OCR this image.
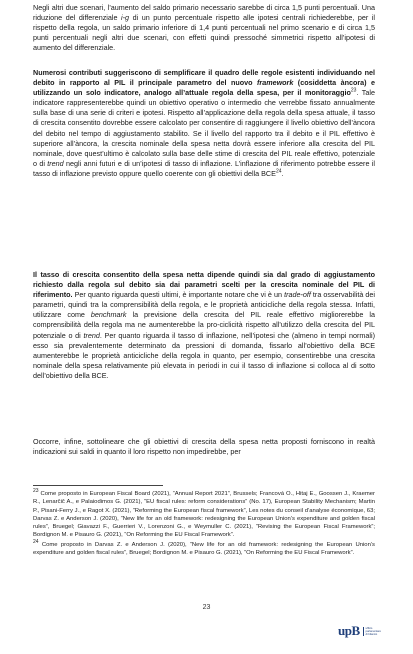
Negli altri due scenari, l’aumento del saldo primario necessario sarebbe di circa 1,5 punti percentuali. Una riduzione del differenziale i-g di un punto percentuale rispetto alle ipotesi centrali richiederebbe, per il rispetto della regola, un saldo primario inferiore di 1,4 punti percentuali nel primo scenario e di circa 1,5 punti percentuali negli altri due scenari, con effetti quindi pressoché simmetrici rispetto all’ipotesi di aumento del differenziale.

Numerosi contributi suggeriscono di semplificare il quadro delle regole esistenti individuando nel debito in rapporto al PIL il principale parametro del nuovo framework (cosiddetta àncora) e utilizzando un solo indicatore, analogo all’attuale regola della spesa, per il monitoraggio$^{23}$. Tale indicatore rappresenterebbe quindi un obiettivo operativo o intermedio che verrebbe fissato annualmente sulla base di una serie di criteri e ipotesi. Rispetto all’applicazione della regola della spesa attuale, il tasso di crescita consentito dovrebbe essere calcolato per consentire di raggiungere il livello obiettivo dell’àncora del debito nel tempo di aggiustamento stabilito. Se il livello del rapporto tra il debito e il PIL effettivo è superiore all’àncora, la crescita nominale della spesa netta dovrà essere inferiore alla crescita del PIL nominale, dove quest’ultimo è calcolato sulla base delle stime di crescita del PIL reale effettivo, potenziale o di trend negli anni futuri e di un’ipotesi di tasso di inflazione. L’inflazione di riferimento potrebbe essere il tasso di inflazione previsto oppure quello coerente con gli obiettivi della BCE$^{24}$.

Il tasso di crescita consentito della spesa netta dipende quindi sia dal grado di aggiustamento richiesto dalla regola sul debito sia dai parametri scelti per la crescita nominale del PIL di riferimento. Per quanto riguarda questi ultimi, è importante notare che vi è un trade-off tra osservabilità dei parametri, quindi tra la comprensibilità della regola, e le proprietà anticicliche della regola stessa. Infatti, utilizzare come benchmark la previsione della crescita del PIL reale effettivo migliorerebbe la comprensibilità della regola ma ne aumenterebbe la pro-ciclicità rispetto all’utilizzo della crescita del PIL potenziale o di trend. Per quanto riguarda il tasso di inflazione, nell’ipotesi che (almeno in tempi normali) esso sia prevalentemente determinato da pressioni di domanda, fissarlo all’obiettivo della BCE aumenterebbe le proprietà anticicliche della regola in quanto, per esempio, consentirebbe una crescita nominale della spesa relativamente più elevata in periodi in cui il tasso di inflazione si colloca al di sotto dell’obiettivo della BCE.

Occorre, infine, sottolineare che gli obiettivi di crescita della spesa netta proposti forniscono in realtà indicazioni sui saldi in quanto il loro rispetto non impedirebbe, per

$^{23}$ Come proposto in European Fiscal Board (2021), “Annual Report 2021”, Brussels; Francová O., Hitaj E., Goossen J., Kraemer R., Lenarčič A., e Palaiodimos G. (2021), “EU fiscal rules: reform considerations” (No. 17), European Stability Mechanism; Martin P., Pisani-Ferry J., e Ragot X. (2021), “Reforming the European fiscal framework”, Les notes du conseil d’analyse économique, 63; Darvas Z. e Anderson J. (2020), “New life for an old framework: redesigning the European Union’s expenditure and golden fiscal rules”, Bruegel; Giavazzi F., Guerrieri V., Lorenzoni G., e Weymuller C. (2021), “Revising the European Fiscal Framework”; Bordignon M. e Pisauro G. (2021), “On Reforming the EU Fiscal Framework”.

$^{24}$ Come proposto in Darvas Z. e Anderson J. (2020), “New life for an old framework: redesigning the European Union’s expenditure and golden fiscal rules”, Bruegel; Bordignon M. e Pisauro G. (2021), “On Reforming the EU Fiscal Framework”.

23
upB ufficio
parlamentare
di bilancio
